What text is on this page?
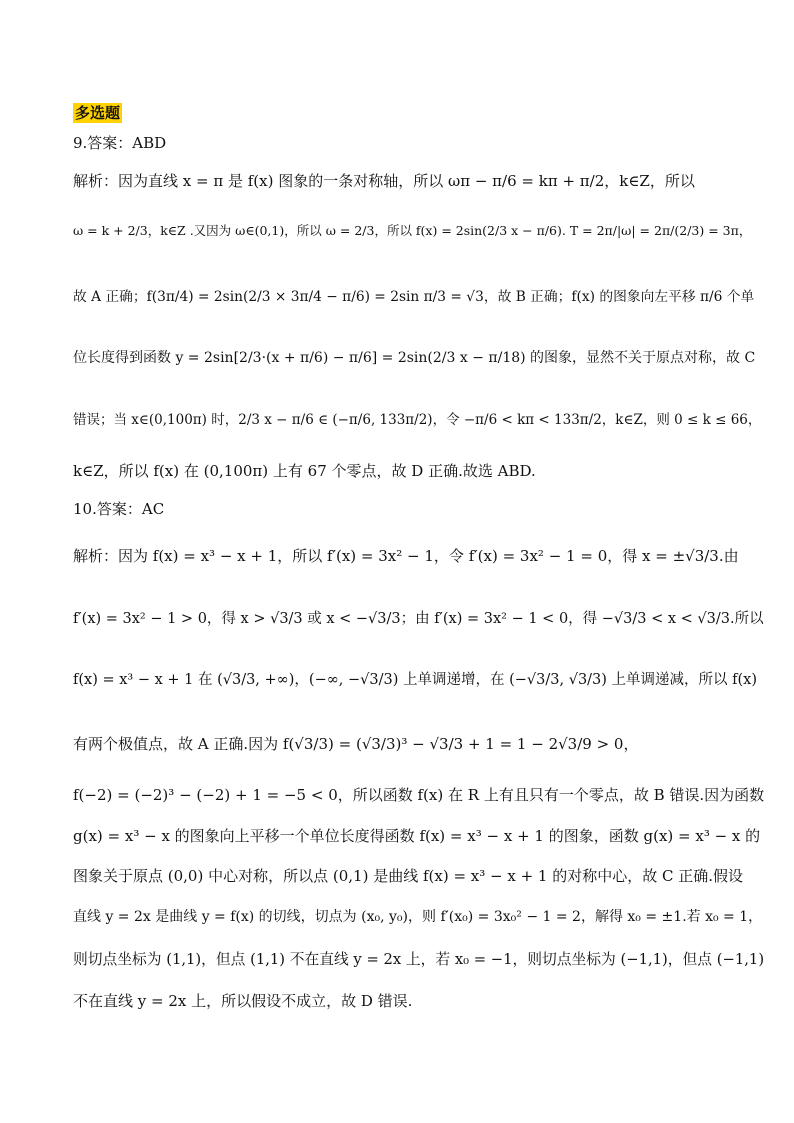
多选题
9.答案：ABD
解析：因为直线 x = π 是 f(x) 图象的一条对称轴，所以 ωπ − π/6 = kπ + π/2，k∈Z，所以
ω = k + 2/3，k∈Z .又因为 ω∈(0,1)，所以 ω = 2/3，所以 f(x) = 2sin(2/3 x − π/6). T = 2π/|ω| = 2π/(2/3) = 3π，
故 A 正确；f(3π/4) = 2sin(2/3 × 3π/4 − π/6) = 2sin π/3 = √3，故 B 正确；f(x) 的图象向左平移 π/6 个单
位长度得到函数 y = 2sin[2/3·(x + π/6) − π/6] = 2sin(2/3 x − π/18) 的图象，显然不关于原点对称，故 C
错误；当 x∈(0,100π) 时，2/3 x − π/6 ∈ (−π/6, 133π/2)，令 −π/6 < kπ < 133π/2，k∈Z，则 0 ≤ k ≤ 66，
k∈Z，所以 f(x) 在 (0,100π) 上有 67 个零点，故 D 正确.故选 ABD.
10.答案：AC
解析：因为 f(x) = x³ − x + 1，所以 f′(x) = 3x² − 1，令 f′(x) = 3x² − 1 = 0，得 x = ±√3/3.由
f′(x) = 3x² − 1 > 0，得 x > √3/3 或 x < −√3/3；由 f′(x) = 3x² − 1 < 0，得 −√3/3 < x < √3/3.所以
f(x) = x³ − x + 1 在 (√3/3, +∞)，(−∞, −√3/3) 上单调递增，在 (−√3/3, √3/3) 上单调递减，所以 f(x)
有两个极值点，故 A 正确.因为 f(√3/3) = (√3/3)³ − √3/3 + 1 = 1 − 2√3/9 > 0，
f(−2) = (−2)³ − (−2) + 1 = −5 < 0，所以函数 f(x) 在 R 上有且只有一个零点，故 B 错误.因为函数
g(x) = x³ − x 的图象向上平移一个单位长度得函数 f(x) = x³ − x + 1 的图象，函数 g(x) = x³ − x 的
图象关于原点 (0,0) 中心对称，所以点 (0,1) 是曲线 f(x) = x³ − x + 1 的对称中心，故 C 正确.假设
直线 y = 2x 是曲线 y = f(x) 的切线，切点为 (x₀, y₀)，则 f′(x₀) = 3x₀² − 1 = 2，解得 x₀ = ±1.若 x₀ = 1，
则切点坐标为 (1,1)，但点 (1,1) 不在直线 y = 2x 上，若 x₀ = −1，则切点坐标为 (−1,1)，但点 (−1,1)
不在直线 y = 2x 上，所以假设不成立，故 D 错误.
